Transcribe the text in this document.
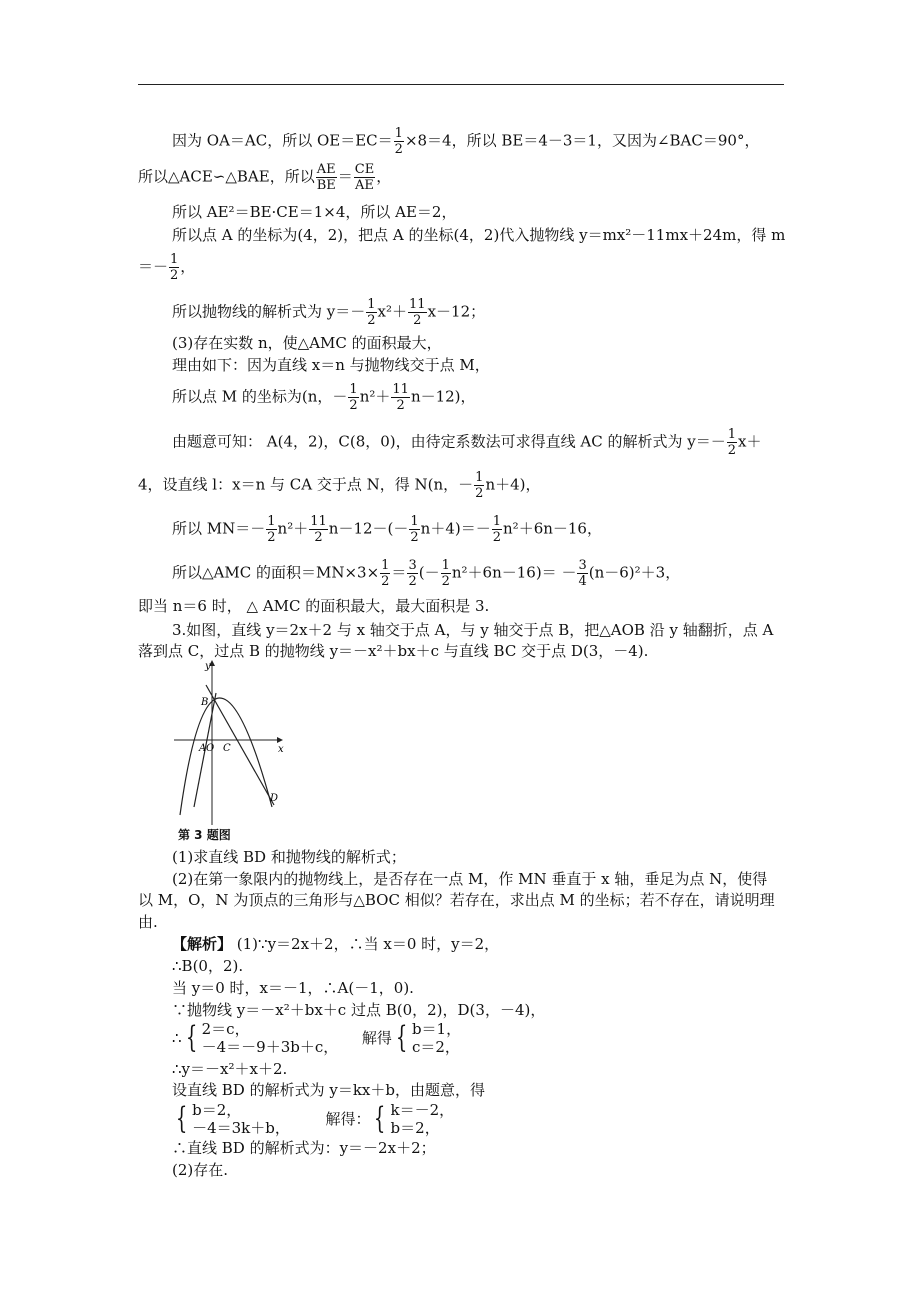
因为 OA＝AC，所以 $OE=EC= \frac{1}{2} \times 8=4$，所以 BE＝4－3＝1，又因为∠BAC＝90°，
所以△ACE∽△BAE，所以 $\frac{AE}{BE} = \frac{CE}{AE}$ ，
所以 AE²＝BE·CE＝1×4，所以 AE＝2，
所以点 A 的坐标为(4，2)，把点 A 的坐标(4，2)代入抛物线 y＝mx²－11mx＋24m，得 m
＝－ $\frac{1}{2}$ ，
所以抛物线的解析式为 $y=- \frac{1}{2} x^2+ \frac{11}{2} x-12$；
(3)存在实数 n，使△AMC 的面积最大，
理由如下：因为直线 x＝n 与抛物线交于点 M，
所以点 M 的坐标为(n，－ $\frac{1}{2} n^2+ \frac{11}{2} n-12$)，
由题意可知： A(4，2)，C(8，0)，由待定系数法可求得直线 AC 的解析式为 $y=- \frac{1}{2} x+$
4，设直线 l：x＝n 与 CA 交于点 N，得 N(n，－ $\frac{1}{2} n+4$)，
所以 $MN=- \frac{1}{2} n^2+ \frac{11}{2} n-12-(- \frac{1}{2} n+4)=- \frac{1}{2} n^2+6n-16$，
所以△AMC 的面积$=MN\times 3\times \frac{1}{2} = \frac{3}{2}$ (－ $\frac{1}{2} n^2+6n-16)= - \frac{3}{4} (n-6)^2+3$，
即当 n＝6 时， △ AMC 的面积最大，最大面积是 3.
3.如图，直线 y＝2x＋2 与 x 轴交于点 A，与 y 轴交于点 B，把△AOB 沿 y 轴翻折，点 A
落到点 C，过点 B 的抛物线 y＝－x²＋bx＋c 与直线 BC 交于点 D(3，－4).
y
x
B
A O C
D
第 3 题图
(1)求直线 BD 和抛物线的解析式；
(2)在第一象限内的抛物线上，是否存在一点 M，作 MN 垂直于 x 轴，垂足为点 N，使得
以 M，O，N 为顶点的三角形与△BOC 相似？若存在，求出点 M 的坐标；若不存在，请说明理
由.
【解析】 (1)∵y＝2x＋2，∴当 x＝0 时，y＝2，
∴B(0，2).
当 y＝0 时，x＝－1，∴A(－1，0).
∵抛物线 y＝－x²＋bx＋c 过点 B(0，2)，D(3，－4)，
∴ { 2＝c，
－4＝－9＋3b＋c，
解得 { b＝1，
c＝2，
∴y＝－x²＋x＋2.
设直线 BD 的解析式为 y＝kx＋b，由题意，得
{ b＝2，
－4＝3k＋b，
解得： { k＝－2，
b＝2，
∴直线 BD 的解析式为：y＝－2x＋2；
(2)存在.
